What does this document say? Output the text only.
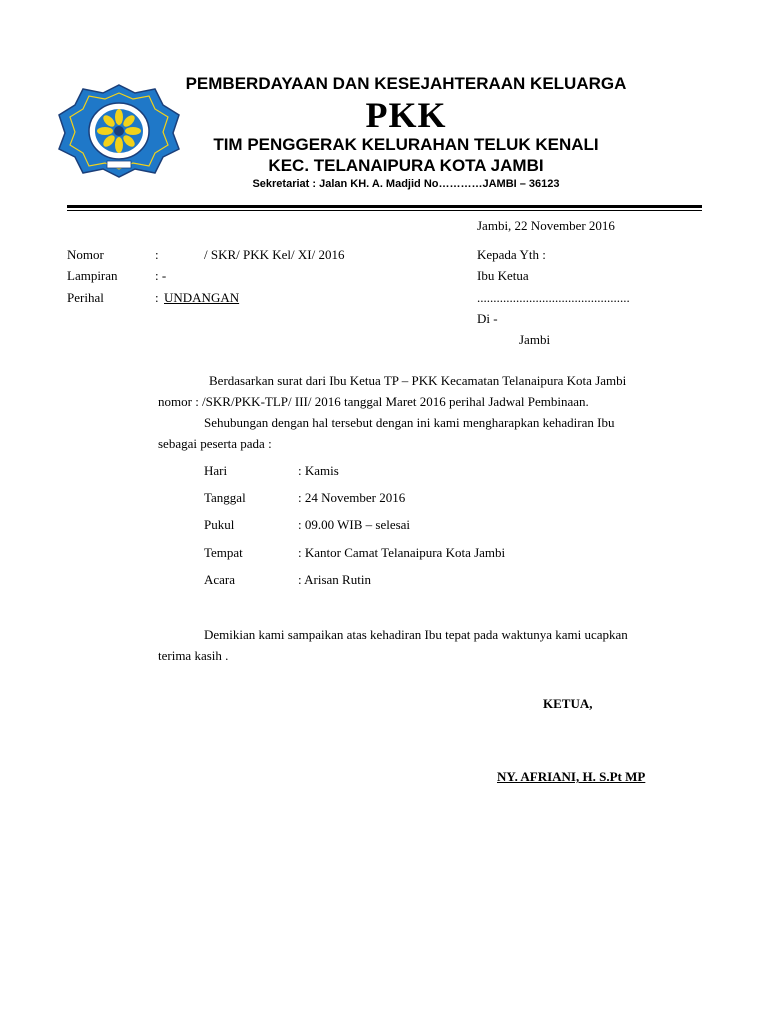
PEMBERDAYAAN DAN KESEJAHTERAAN KELUARGA
PKK
TIM PENGGERAK KELURAHAN TELUK KENALI
KEC. TELANAIPURA KOTA JAMBI
Sekretariat : Jalan KH. A. Madjid No…………JAMBI – 36123
Jambi, 22 November 2016
Nomor	:	/ SKR/ PKK Kel/ XI/ 2016
Lampiran	: -
Perihal	: UNDANGAN
Kepada Yth :
Ibu Ketua
...............................................
Di -
Jambi
Berdasarkan surat dari Ibu Ketua TP – PKK Kecamatan Telanaipura Kota Jambi
nomor : /SKR/PKK-TLP/ III/ 2016 tanggal Maret 2016 perihal Jadwal Pembinaan.
Sehubungan dengan hal tersebut dengan ini kami mengharapkan kehadiran Ibu
sebagai peserta pada :
Hari	: Kamis
Tanggal	: 24 November 2016
Pukul	: 09.00 WIB – selesai
Tempat	: Kantor Camat Telanaipura Kota Jambi
Acara	: Arisan Rutin
Demikian kami sampaikan atas kehadiran Ibu tepat pada waktunya kami ucapkan
terima kasih .
KETUA,
NY. AFRIANI, H. S.Pt MP
